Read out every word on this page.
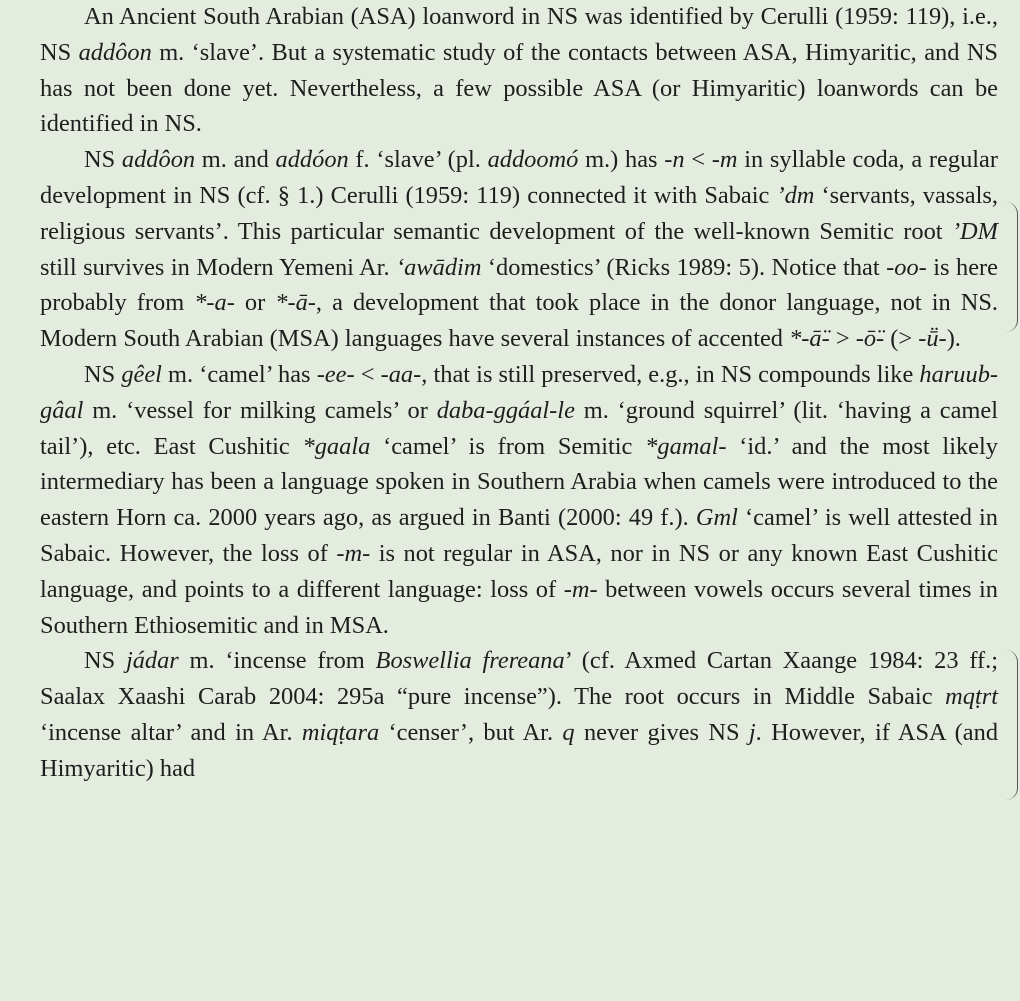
An Ancient South Arabian (ASA) loanword in NS was identified by Cerulli (1959: 119), i.e., NS addôon m. ‘slave’. But a systematic study of the contacts between ASA, Himyaritic, and NS has not been done yet. Nevertheless, a few possible ASA (or Himyaritic) loanwords can be identified in NS.

NS addôon m. and addóon f. ‘slave’ (pl. addoomó m.) has -n < -m in syllable coda, a regular development in NS (cf. § 1.) Cerulli (1959: 119) connected it with Sabaic ’dm ‘servants, vassals, religious servants’. This particular semantic development of the well-known Semitic root ’DM still survives in Modern Yemeni Ar. ‘awādim ‘domestics’ (Ricks 1989: 5). Notice that -oo- is here probably from *-a- or *-ā-, a development that took place in the donor language, not in NS. Modern South Arabian (MSA) languages have several instances of accented *-ā̈- > -ō̈- (> -ṻ-).

NS gêel m. ‘camel’ has -ee- < -aa-, that is still preserved, e.g., in NS compounds like haruub-gâal m. ‘vessel for milking camels’ or daba-ggáal-le m. ‘ground squirrel’ (lit. ‘having a camel tail’), etc. East Cushitic *gaala ‘camel’ is from Semitic *gamal- ‘id.’ and the most likely intermediary has been a language spoken in Southern Arabia when camels were introduced to the eastern Horn ca. 2000 years ago, as argued in Banti (2000: 49 f.). Gml ‘camel’ is well attested in Sabaic. However, the loss of -m- is not regular in ASA, nor in NS or any known East Cushitic language, and points to a different language: loss of -m- between vowels occurs several times in Southern Ethiosemitic and in MSA.

NS jádar m. ‘incense from Boswellia frereana’ (cf. Axmed Cartan Xaange 1984: 23 ff.; Saalax Xaashi Carab 2004: 295a “pure incense”). The root occurs in Middle Sabaic mqṭrt ‘incense altar’ and in Ar. miqṭara ‘censer’, but Ar. q never gives NS j. However, if ASA (and Himyaritic) had
